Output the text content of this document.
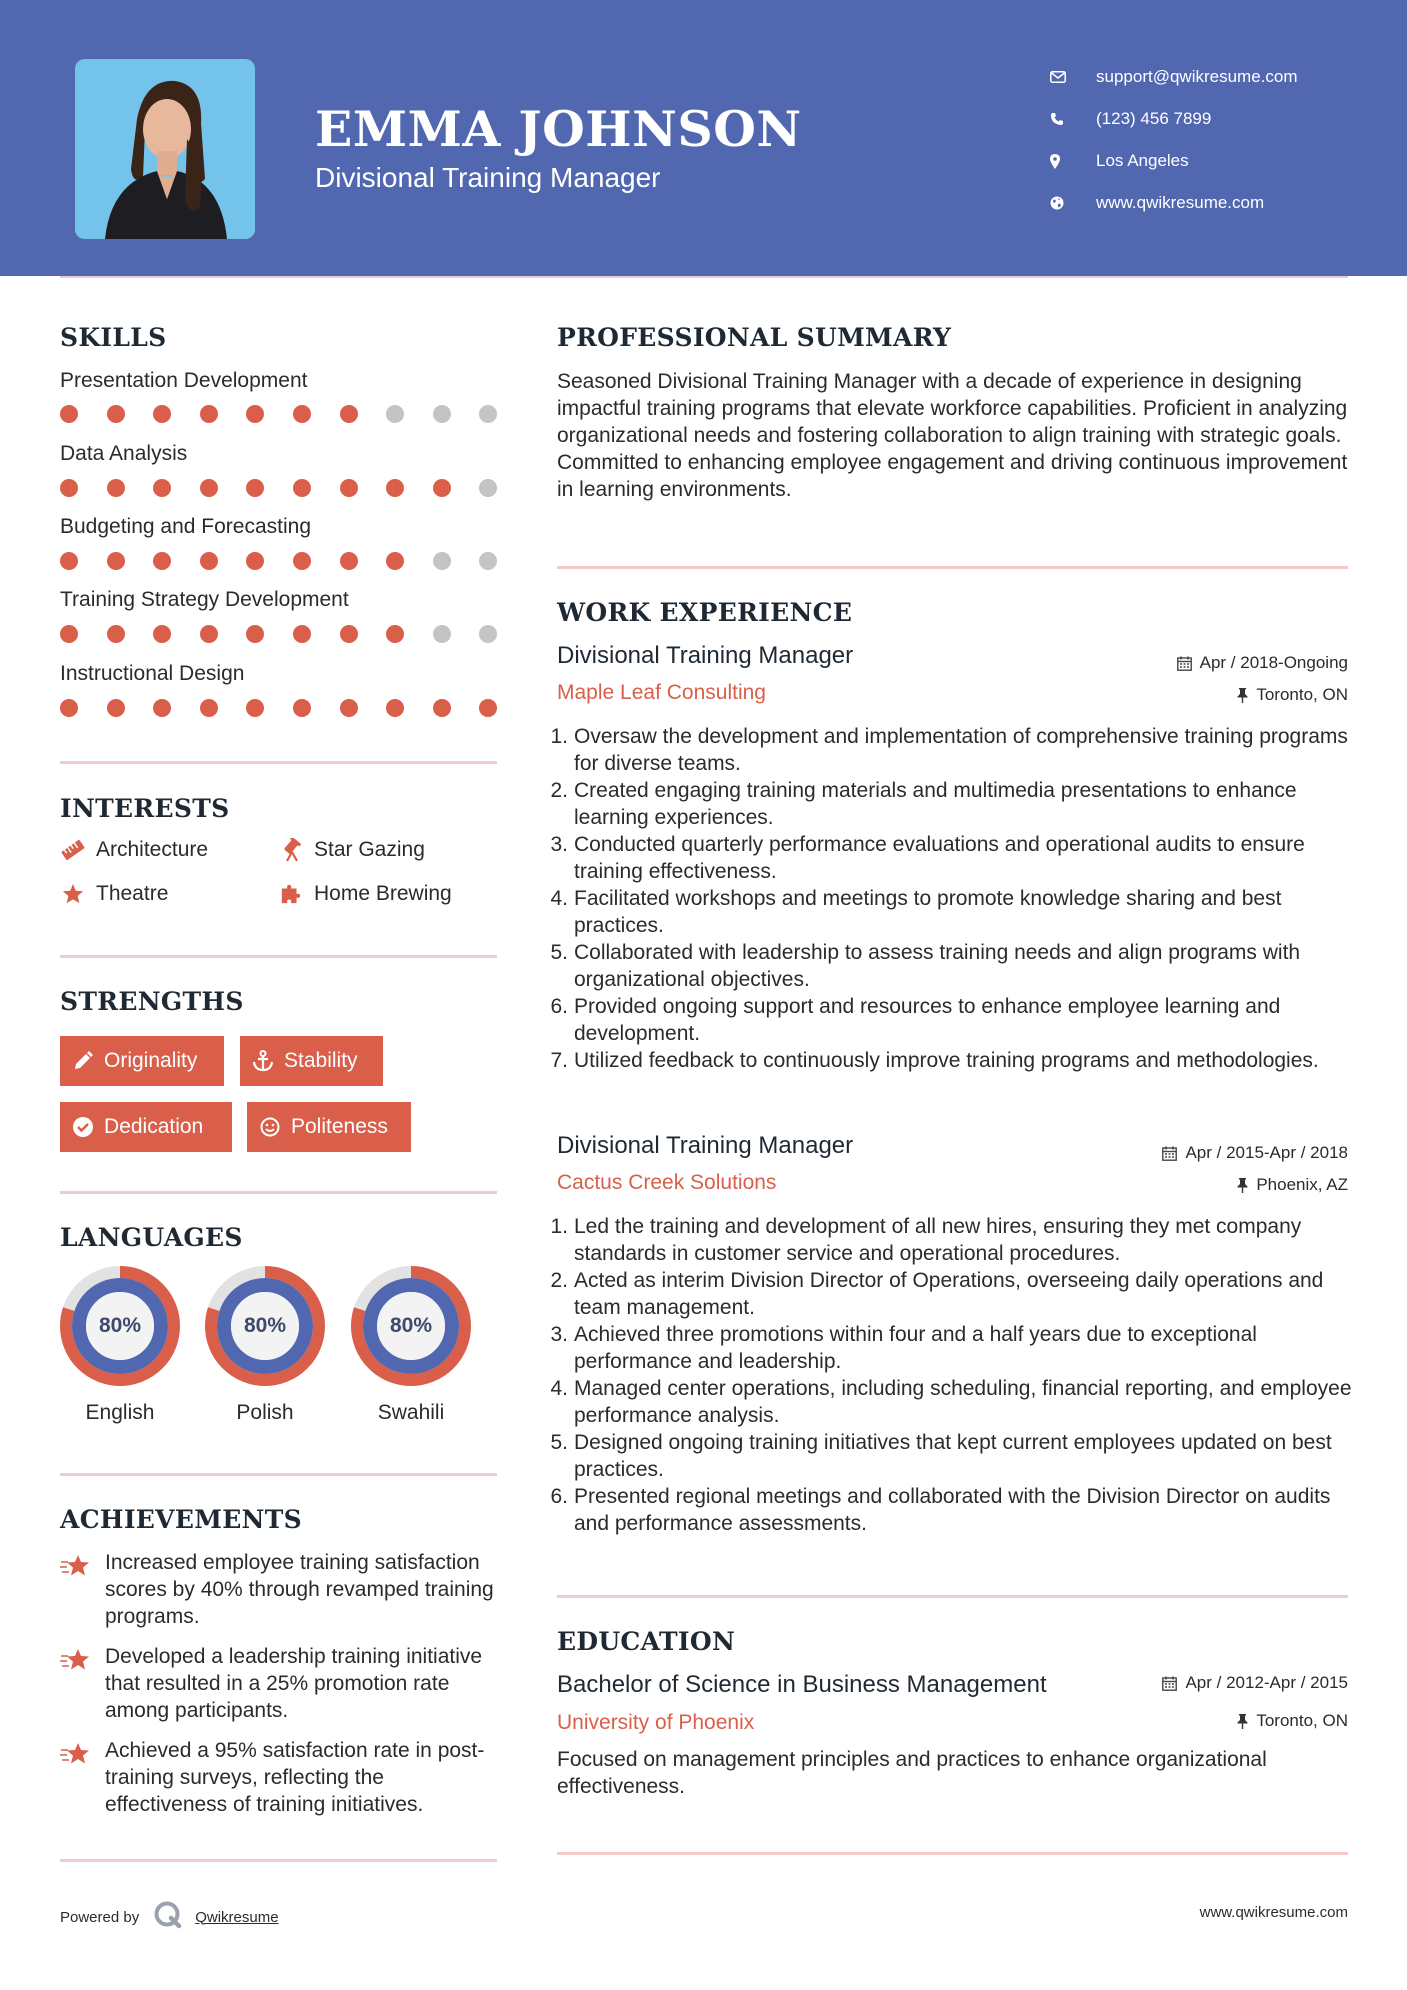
EMMA JOHNSON
Divisional Training Manager
support@qwikresume.com
(123) 456 7899
Los Angeles
www.qwikresume.com
SKILLS
Presentation Development
Data Analysis
Budgeting and Forecasting
Training Strategy Development
Instructional Design
INTERESTS
Architecture	Star Gazing
Theatre	Home Brewing
STRENGTHS
Originality	Stability
Dedication	Politeness
LANGUAGES
80%
English
80%
Polish
80%
Swahili
ACHIEVEMENTS
Increased employee training satisfaction scores by 40% through revamped training programs.
Developed a leadership training initiative that resulted in a 25% promotion rate among participants.
Achieved a 95% satisfaction rate in post-training surveys, reflecting the effectiveness of training initiatives.
PROFESSIONAL SUMMARY
Seasoned Divisional Training Manager with a decade of experience in designing impactful training programs that elevate workforce capabilities. Proficient in analyzing organizational needs and fostering collaboration to align training with strategic goals. Committed to enhancing employee engagement and driving continuous improvement in learning environments.
WORK EXPERIENCE
Divisional Training Manager	Apr / 2018-Ongoing
Maple Leaf Consulting	Toronto, ON
1. Oversaw the development and implementation of comprehensive training programs for diverse teams.
2. Created engaging training materials and multimedia presentations to enhance learning experiences.
3. Conducted quarterly performance evaluations and operational audits to ensure training effectiveness.
4. Facilitated workshops and meetings to promote knowledge sharing and best practices.
5. Collaborated with leadership to assess training needs and align programs with organizational objectives.
6. Provided ongoing support and resources to enhance employee learning and development.
7. Utilized feedback to continuously improve training programs and methodologies.
Divisional Training Manager	Apr / 2015-Apr / 2018
Cactus Creek Solutions	Phoenix, AZ
1. Led the training and development of all new hires, ensuring they met company standards in customer service and operational procedures.
2. Acted as interim Division Director of Operations, overseeing daily operations and team management.
3. Achieved three promotions within four and a half years due to exceptional performance and leadership.
4. Managed center operations, including scheduling, financial reporting, and employee performance analysis.
5. Designed ongoing training initiatives that kept current employees updated on best practices.
6. Presented regional meetings and collaborated with the Division Director on audits and performance assessments.
EDUCATION
Bachelor of Science in Business Management	Apr / 2012-Apr / 2015
University of Phoenix	Toronto, ON
Focused on management principles and practices to enhance organizational effectiveness.
Powered by	Qwikresume	www.qwikresume.com
